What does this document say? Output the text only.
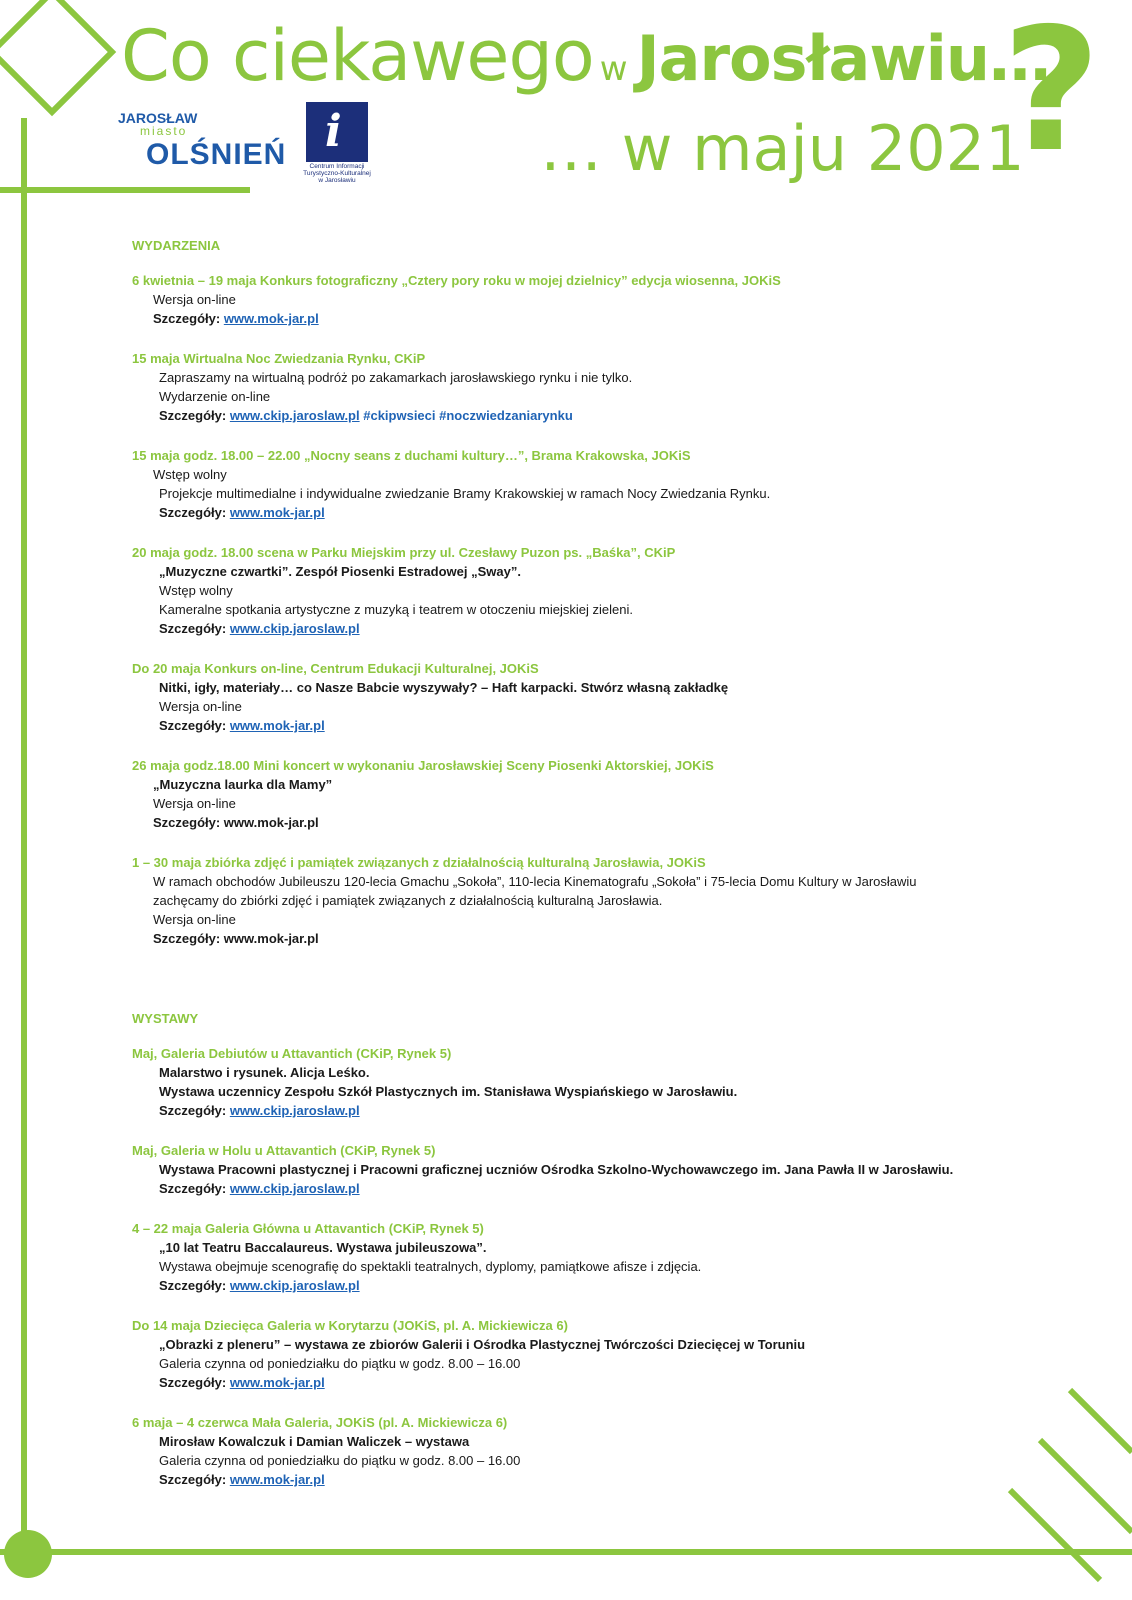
Co ciekawego w Jarosławiu…
… w maju 2021
?
JAROSŁAW
miasto
OLŚNIEŃ i
Centrum Informacji Turystyczno-Kulturalnej w Jarosławiu

WYDARZENIA

6 kwietnia – 19 maja Konkurs fotograficzny „Cztery pory roku w mojej dzielnicy” edycja wiosenna, JOKiS

Wersja on-line

Szczegóły: www.mok-jar.pl

15 maja Wirtualna Noc Zwiedzania Rynku, CKiP

Zapraszamy na wirtualną podróż po zakamarkach jarosławskiego rynku i nie tylko.

Wydarzenie on-line

Szczegóły: www.ckip.jaroslaw.pl #ckipwsieci #noczwiedzaniarynku

15 maja godz. 18.00 – 22.00 „Nocny seans z duchami kultury…”, Brama Krakowska, JOKiS

Wstęp wolny

Projekcje multimedialne i indywidualne zwiedzanie Bramy Krakowskiej w ramach Nocy Zwiedzania Rynku.

Szczegóły: www.mok-jar.pl

20 maja godz. 18.00 scena w Parku Miejskim przy ul. Czesławy Puzon ps. „Baśka”, CKiP

„Muzyczne czwartki”. Zespół Piosenki Estradowej „Sway”.

Wstęp wolny

Kameralne spotkania artystyczne z muzyką i teatrem w otoczeniu miejskiej zieleni.

Szczegóły: www.ckip.jaroslaw.pl

Do 20 maja Konkurs on-line, Centrum Edukacji Kulturalnej, JOKiS

Nitki, igły, materiały… co Nasze Babcie wyszywały? – Haft karpacki. Stwórz własną zakładkę

Wersja on-line

Szczegóły: www.mok-jar.pl

26 maja godz.18.00 Mini koncert w wykonaniu Jarosławskiej Sceny Piosenki Aktorskiej, JOKiS

„Muzyczna laurka dla Mamy”

Wersja on-line

Szczegóły: www.mok-jar.pl

1 – 30 maja zbiórka zdjęć i pamiątek związanych z działalnością kulturalną Jarosławia, JOKiS

W ramach obchodów Jubileuszu 120-lecia Gmachu „Sokoła”, 110-lecia Kinematografu „Sokoła” i 75-lecia Domu Kultury w Jarosławiu

zachęcamy do zbiórki zdjęć i pamiątek związanych z działalnością kulturalną Jarosławia.

Wersja on-line

Szczegóły: www.mok-jar.pl

WYSTAWY

Maj, Galeria Debiutów u Attavantich (CKiP, Rynek 5)

Malarstwo i rysunek. Alicja Leśko.

Wystawa uczennicy Zespołu Szkół Plastycznych im. Stanisława Wyspiańskiego w Jarosławiu.

Szczegóły: www.ckip.jaroslaw.pl

Maj, Galeria w Holu u Attavantich (CKiP, Rynek 5)

Wystawa Pracowni plastycznej i Pracowni graficznej uczniów Ośrodka Szkolno-Wychowawczego im. Jana Pawła II w Jarosławiu.

Szczegóły: www.ckip.jaroslaw.pl

4 – 22 maja Galeria Główna u Attavantich (CKiP, Rynek 5)

„10 lat Teatru Baccalaureus. Wystawa jubileuszowa”.

Wystawa obejmuje scenografię do spektakli teatralnych, dyplomy, pamiątkowe afisze i zdjęcia.

Szczegóły: www.ckip.jaroslaw.pl

Do 14 maja Dziecięca Galeria w Korytarzu (JOKiS, pl. A. Mickiewicza 6)

„Obrazki z pleneru” – wystawa ze zbiorów Galerii i Ośrodka Plastycznej Twórczości Dziecięcej w Toruniu

Galeria czynna od poniedziałku do piątku w godz. 8.00 – 16.00

Szczegóły: www.mok-jar.pl

6 maja – 4 czerwca Mała Galeria, JOKiS (pl. A. Mickiewicza 6)

Mirosław Kowalczuk i Damian Waliczek – wystawa

Galeria czynna od poniedziałku do piątku w godz. 8.00 – 16.00

Szczegóły: www.mok-jar.pl
